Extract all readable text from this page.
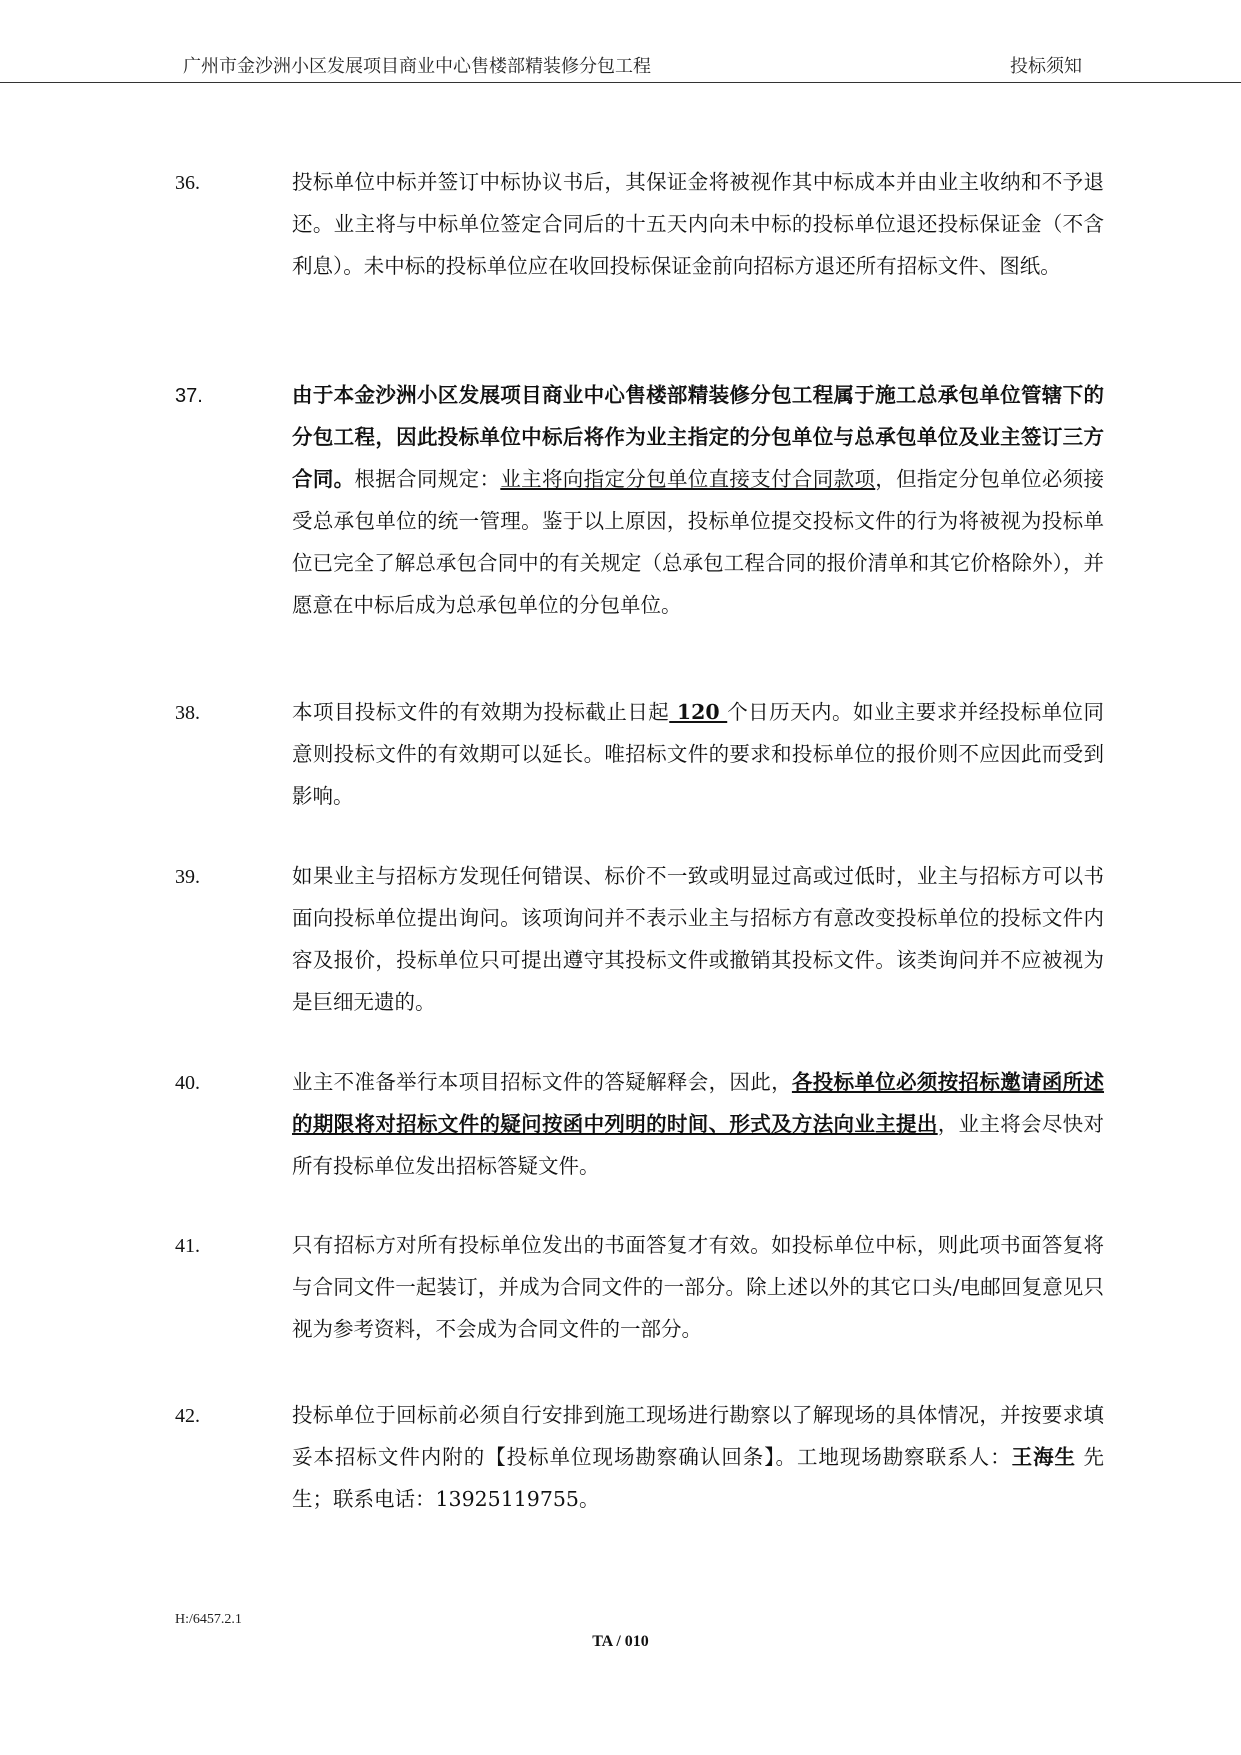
广州市金沙洲小区发展项目商业中心售楼部精装修分包工程	投标须知
36.	投标单位中标并签订中标协议书后，其保证金将被视作其中标成本并由业主收纳和不予退还。业主将与中标单位签定合同后的十五天内向未中标的投标单位退还投标保证金（不含利息）。未中标的投标单位应在收回投标保证金前向招标方退还所有招标文件、图纸。
37.	由于本金沙洲小区发展项目商业中心售楼部精装修分包工程属于施工总承包单位管辖下的分包工程，因此投标单位中标后将作为业主指定的分包单位与总承包单位及业主签订三方合同。根据合同规定：业主将向指定分包单位直接支付合同款项，但指定分包单位必须接受总承包单位的统一管理。鉴于以上原因，投标单位提交投标文件的行为将被视为投标单位已完全了解总承包合同中的有关规定（总承包工程合同的报价清单和其它价格除外），并愿意在中标后成为总承包单位的分包单位。
38.	本项目投标文件的有效期为投标截止日起 120 个日历天内。如业主要求并经投标单位同意则投标文件的有效期可以延长。唯招标文件的要求和投标单位的报价则不应因此而受到影响。
39.	如果业主与招标方发现任何错误、标价不一致或明显过高或过低时，业主与招标方可以书面向投标单位提出询问。该项询问并不表示业主与招标方有意改变投标单位的投标文件内容及报价，投标单位只可提出遵守其投标文件或撤销其投标文件。该类询问并不应被视为是巨细无遗的。
40.	业主不准备举行本项目招标文件的答疑解释会，因此，各投标单位必须按招标邀请函所述的期限将对招标文件的疑问按函中列明的时间、形式及方法向业主提出，业主将会尽快对所有投标单位发出招标答疑文件。
41.	只有招标方对所有投标单位发出的书面答复才有效。如投标单位中标，则此项书面答复将与合同文件一起装订，并成为合同文件的一部分。除上述以外的其它口头/电邮回复意见只视为参考资料，不会成为合同文件的一部分。
42.	投标单位于回标前必须自行安排到施工现场进行勘察以了解现场的具体情况，并按要求填妥本招标文件内附的【投标单位现场勘察确认回条】。工地现场勘察联系人：王海生 先生；联系电话：13925119755。
H:/6457.2.1
TA / 010
